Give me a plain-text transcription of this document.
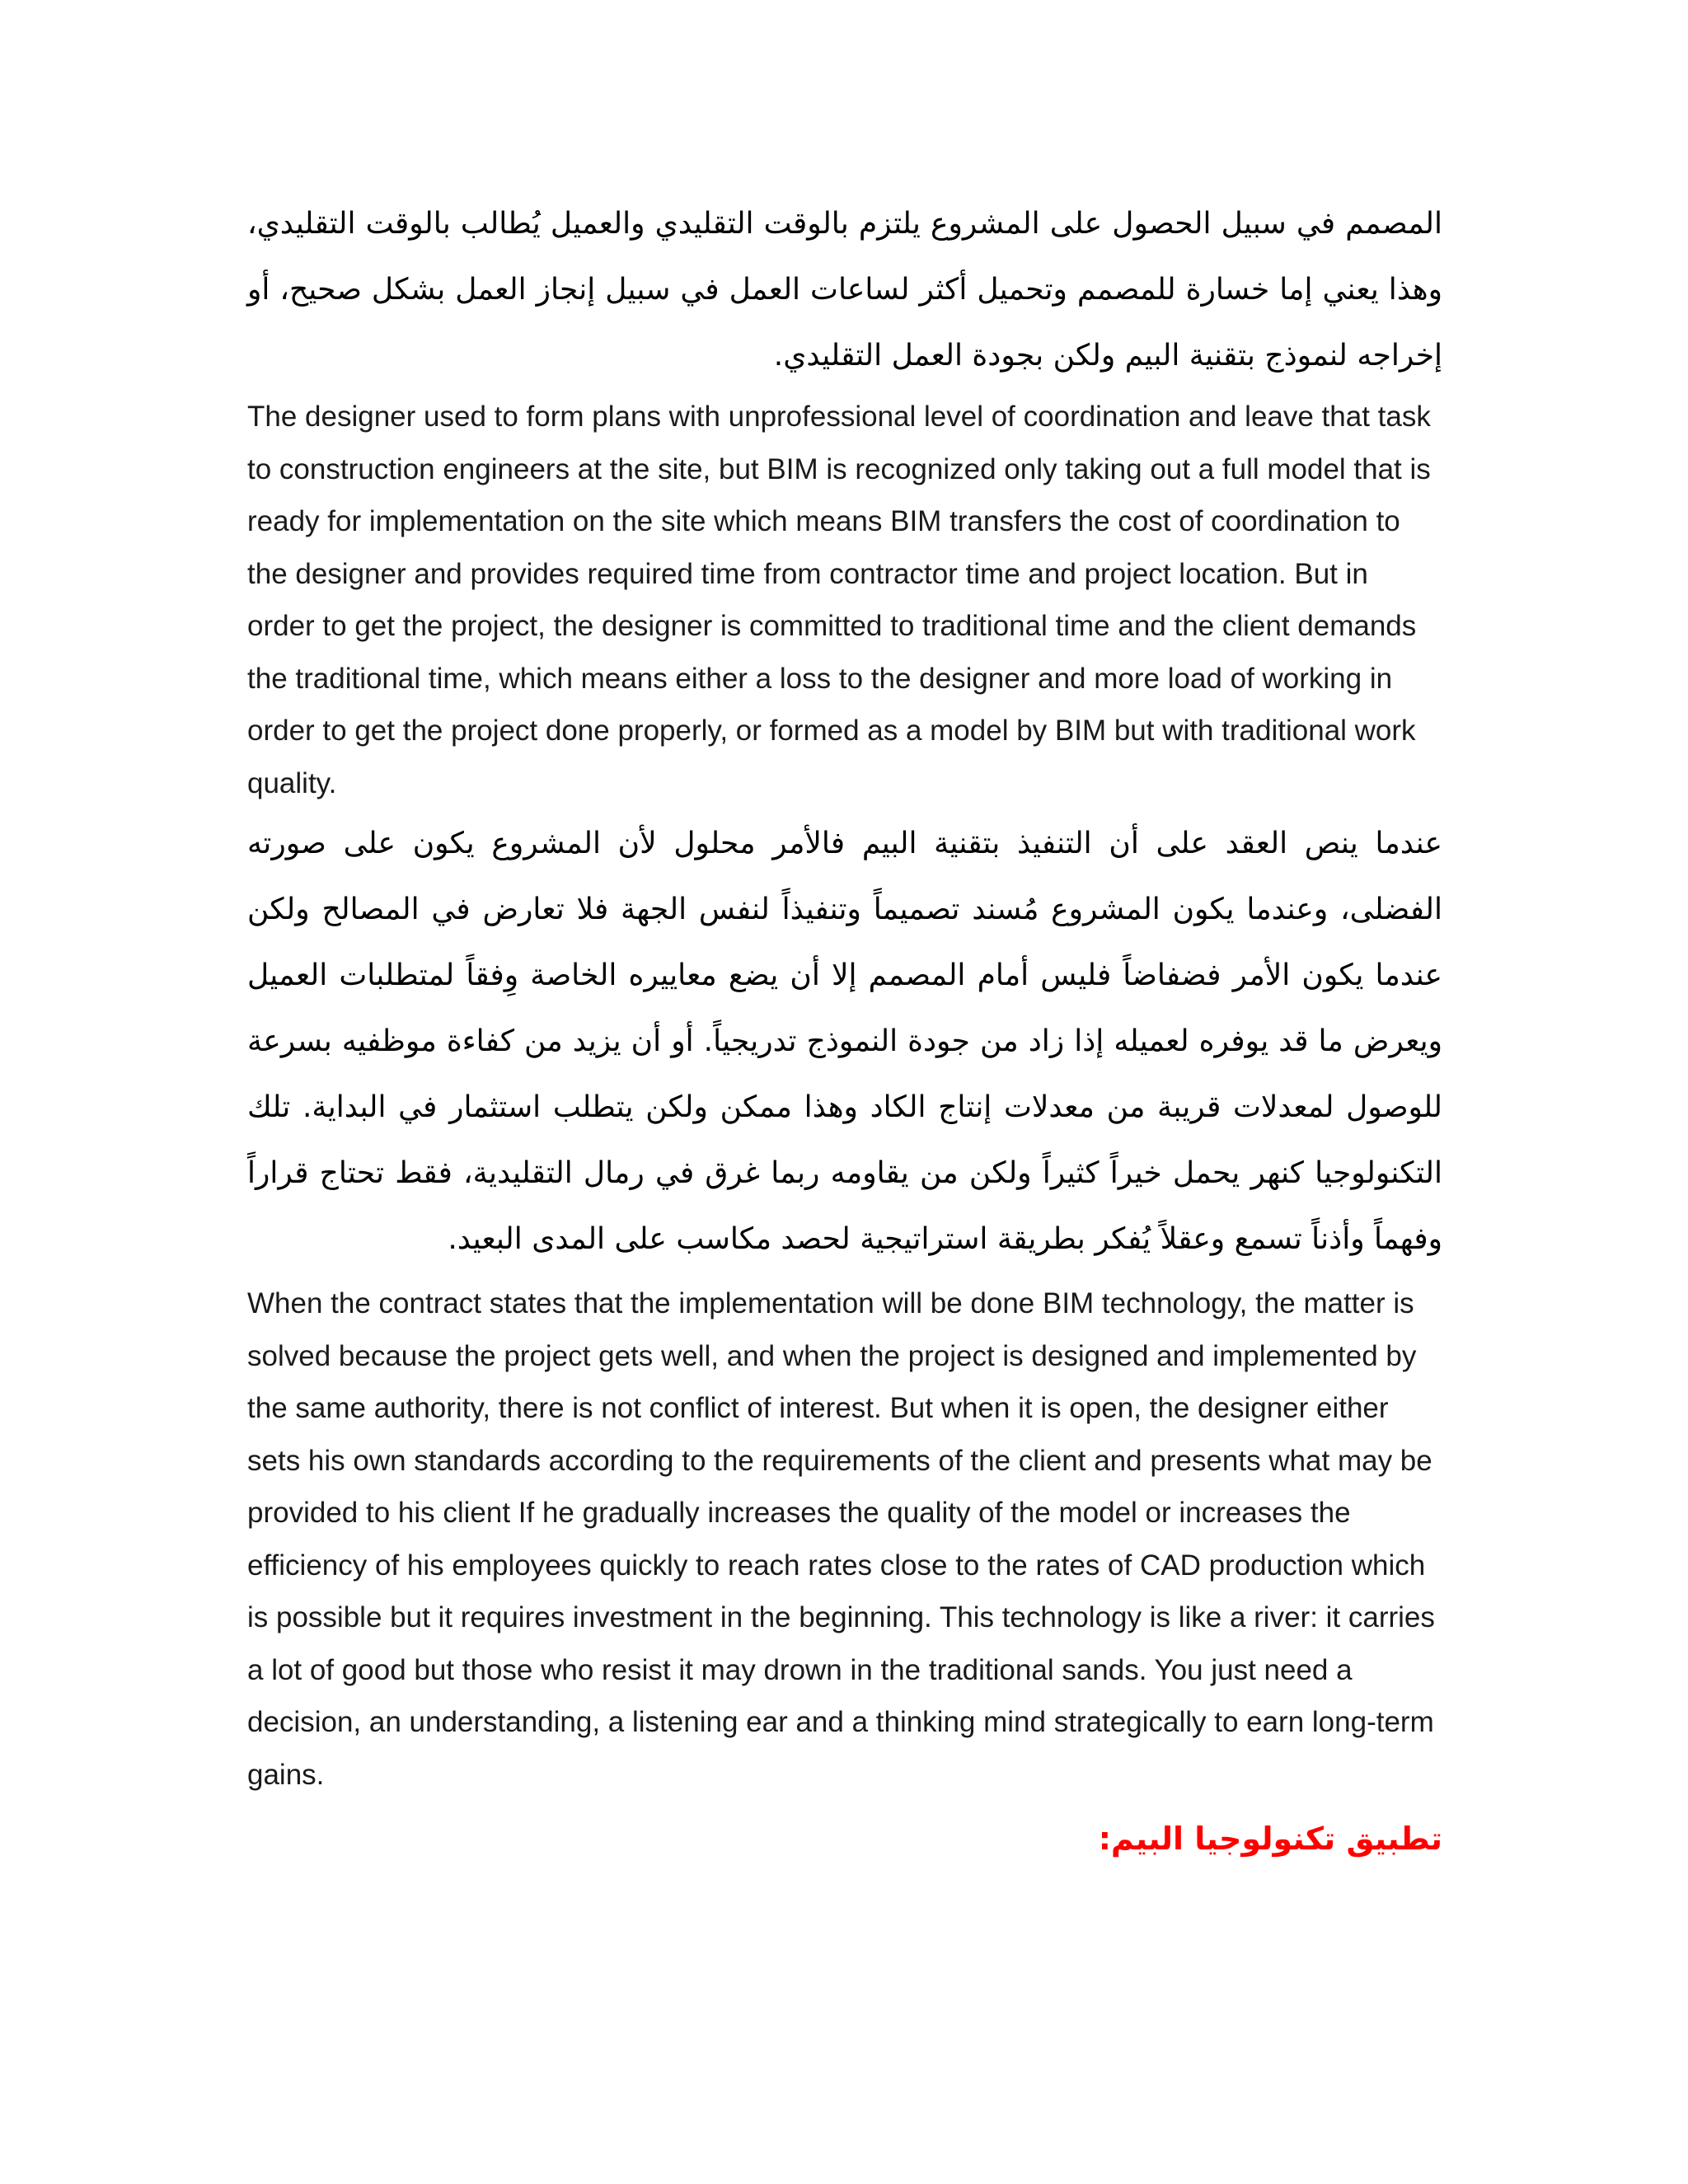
المصمم في سبيل الحصول على المشروع يلتزم بالوقت التقليدي والعميل يُطالب بالوقت التقليدي، وهذا يعني إما خسارة للمصمم وتحميل أكثر لساعات العمل في سبيل إنجاز العمل بشكل صحيح، أو إخراجه لنموذج بتقنية البيم ولكن بجودة العمل التقليدي.

The designer used to form plans with unprofessional level of coordination and leave that task to construction engineers at the site, but BIM is recognized only taking out a full model that is ready for implementation on the site which means BIM transfers the cost of coordination to the designer and provides required time from contractor time and project location. But in order to get the project, the designer is committed to traditional time and the client demands the traditional time, which means either a loss to the designer and more load of working in order to get the project done properly, or formed as a model by BIM but with traditional work quality.

عندما ينص العقد على أن التنفيذ بتقنية البيم فالأمر محلول لأن المشروع يكون على صورته الفضلى، وعندما يكون المشروع مُسند تصميماً وتنفيذاً لنفس الجهة فلا تعارض في المصالح ولكن عندما يكون الأمر فضفاضاً فليس أمام المصمم إلا أن يضع معاييره الخاصة وِفقاً لمتطلبات العميل ويعرض ما قد يوفره لعميله إذا زاد من جودة النموذج تدريجياً. أو أن يزيد من كفاءة موظفيه بسرعة للوصول لمعدلات قريبة من معدلات إنتاج الكاد وهذا ممكن ولكن يتطلب استثمار في البداية. تلك التكنولوجيا كنهر يحمل خيراً كثيراً ولكن من يقاومه ربما غرق في رمال التقليدية، فقط تحتاج قراراً وفهماً وأذناً تسمع وعقلاً يُفكر بطريقة استراتيجية لحصد مكاسب على المدى البعيد.

When the contract states that the implementation will be done BIM technology, the matter is solved because the project gets well, and when the project is designed and implemented by the same authority, there is not conflict of interest. But when it is open, the designer either sets his own standards according to the requirements of the client and presents what may be provided to his client If he gradually increases the quality of the model or increases the efficiency of his employees quickly to reach rates close to the rates of CAD production which is possible but it requires investment in the beginning. This technology is like a river: it carries a lot of good but those who resist it may drown in the traditional sands. You just need a decision, an understanding, a listening ear and a thinking mind strategically to earn long-term gains.

تطبيق تكنولوجيا البيم:
